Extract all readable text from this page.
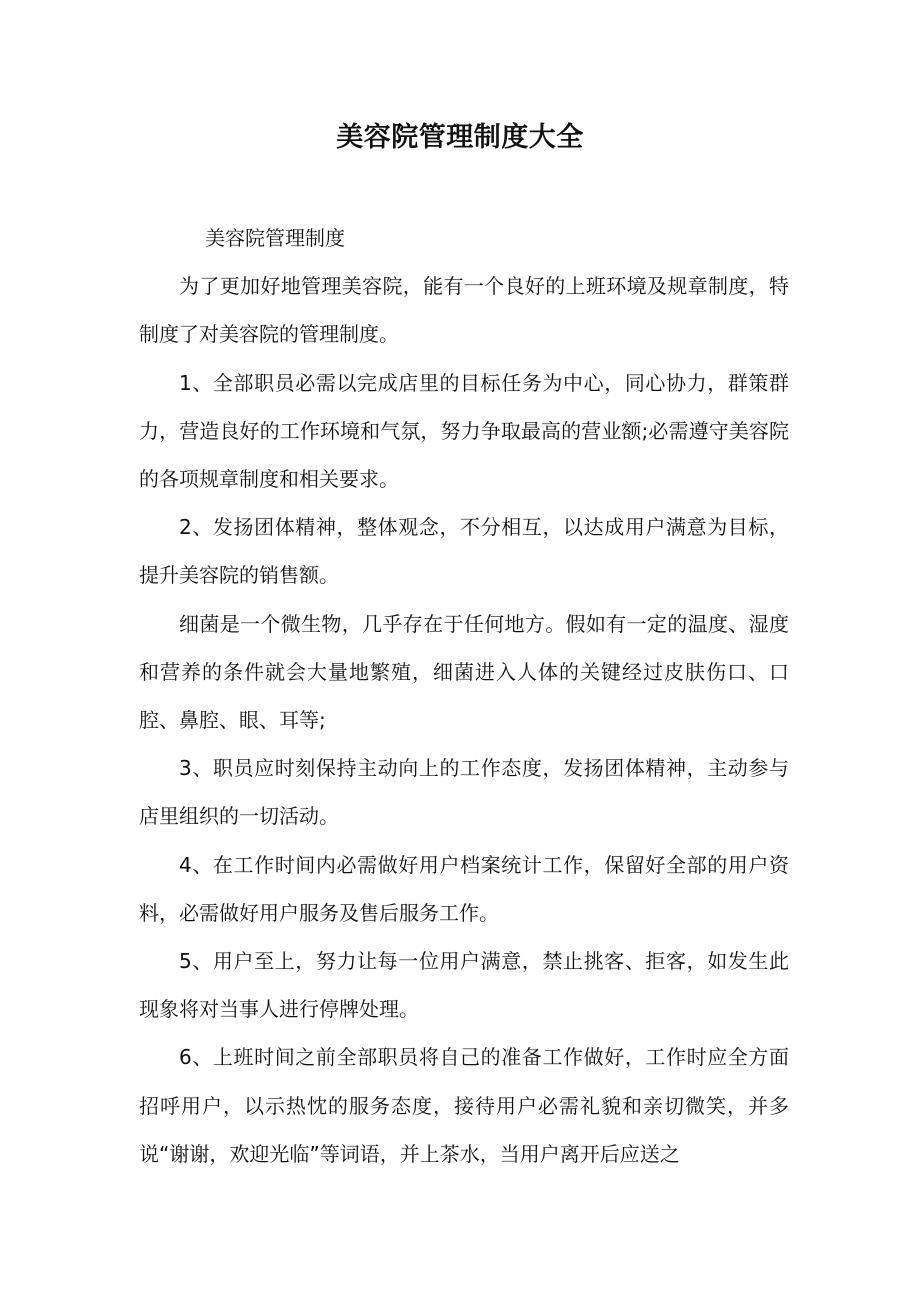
美容院管理制度大全

美容院管理制度

为了更加好地管理美容院，能有一个良好的上班环境及规章制度，特制度了对美容院的管理制度。

1、全部职员必需以完成店里的目标任务为中心，同心协力，群策群力，营造良好的工作环境和气氛，努力争取最高的营业额;必需遵守美容院的各项规章制度和相关要求。

2、发扬团体精神，整体观念，不分相互，以达成用户满意为目标，提升美容院的销售额。

细菌是一个微生物，几乎存在于任何地方。假如有一定的温度、湿度和营养的条件就会大量地繁殖，细菌进入人体的关键经过皮肤伤口、口腔、鼻腔、眼、耳等;

3、职员应时刻保持主动向上的工作态度，发扬团体精神，主动参与店里组织的一切活动。

4、在工作时间内必需做好用户档案统计工作，保留好全部的用户资料，必需做好用户服务及售后服务工作。

5、用户至上，努力让每一位用户满意，禁止挑客、拒客，如发生此现象将对当事人进行停牌处理。

6、上班时间之前全部职员将自己的准备工作做好，工作时应全方面招呼用户，以示热忱的服务态度，接待用户必需礼貌和亲切微笑，并多说“谢谢，欢迎光临”等词语，并上茶水，当用户离开后应送之
